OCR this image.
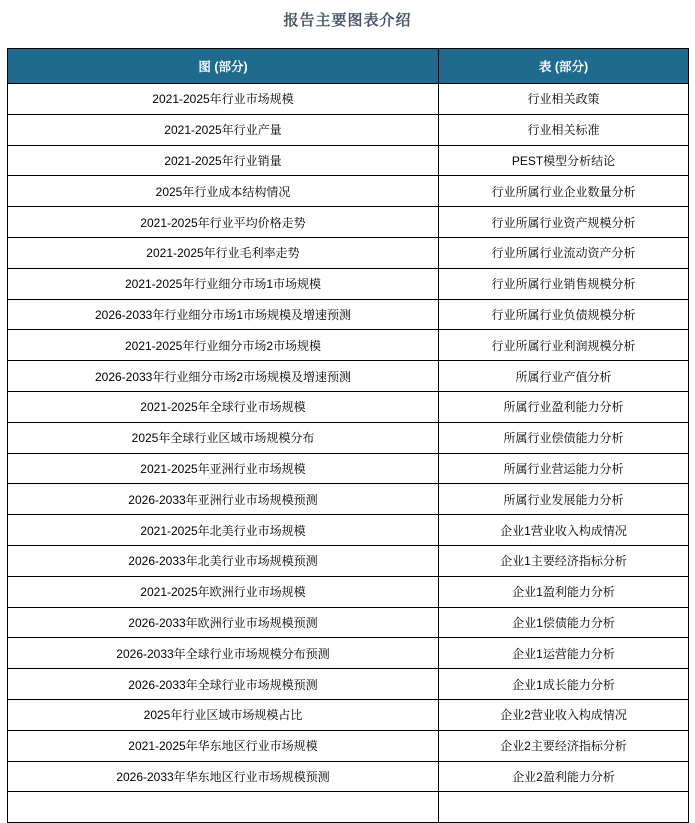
报告主要图表介绍
图 (部分)	表 (部分)
2021-2025年行业市场规模	行业相关政策
2021-2025年行业产量	行业相关标准
2021-2025年行业销量	PEST模型分析结论
2025年行业成本结构情况	行业所属行业企业数量分析
2021-2025年行业平均价格走势	行业所属行业资产规模分析
2021-2025年行业毛利率走势	行业所属行业流动资产分析
2021-2025年行业细分市场1市场规模	行业所属行业销售规模分析
2026-2033年行业细分市场1市场规模及增速预测	行业所属行业负债规模分析
2021-2025年行业细分市场2市场规模	行业所属行业利润规模分析
2026-2033年行业细分市场2市场规模及增速预测	所属行业产值分析
2021-2025年全球行业市场规模	所属行业盈利能力分析
2025年全球行业区域市场规模分布	所属行业偿债能力分析
2021-2025年亚洲行业市场规模	所属行业营运能力分析
2026-2033年亚洲行业市场规模预测	所属行业发展能力分析
2021-2025年北美行业市场规模	企业1营业收入构成情况
2026-2033年北美行业市场规模预测	企业1主要经济指标分析
2021-2025年欧洲行业市场规模	企业1盈利能力分析
2026-2033年欧洲行业市场规模预测	企业1偿债能力分析
2026-2033年全球行业市场规模分布预测	企业1运营能力分析
2026-2033年全球行业市场规模预测	企业1成长能力分析
2025年行业区域市场规模占比	企业2营业收入构成情况
2021-2025年华东地区行业市场规模	企业2主要经济指标分析
2026-2033年华东地区行业市场规模预测	企业2盈利能力分析
